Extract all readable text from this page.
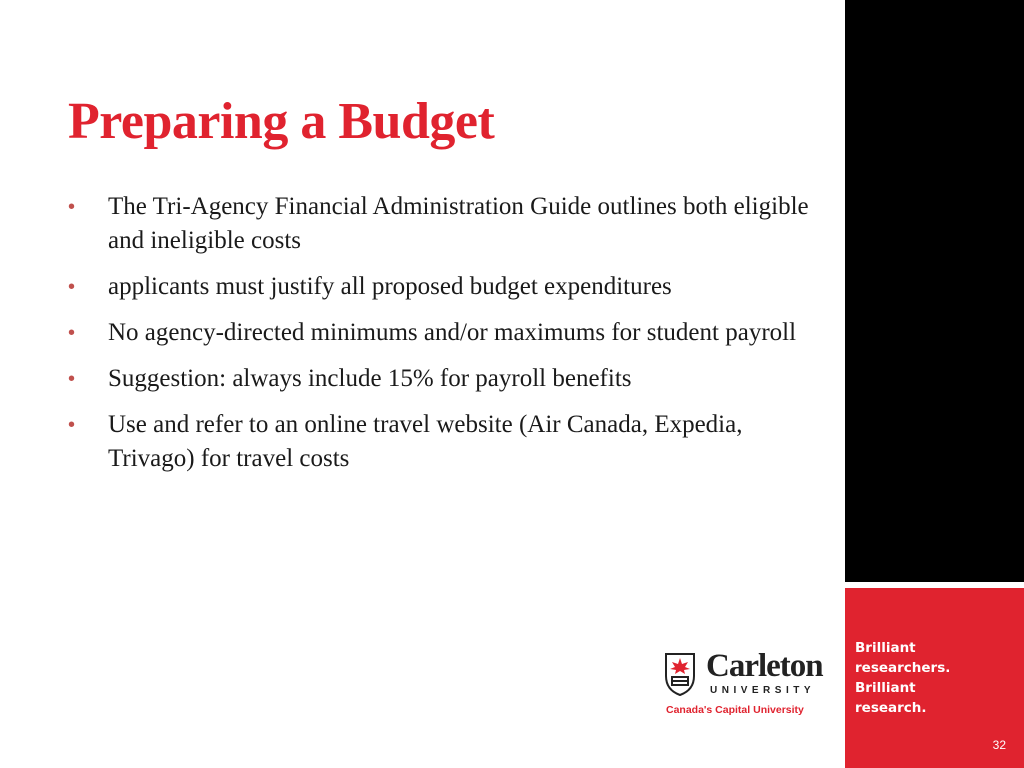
Preparing a Budget
• The Tri-Agency Financial Administration Guide outlines both eligible and ineligible costs
• applicants must justify all proposed budget expenditures
• No agency-directed minimums and/or maximums for student payroll
• Suggestion: always include 15% for payroll benefits
• Use and refer to an online travel website (Air Canada, Expedia, Trivago) for travel costs
Carleton
UNIVERSITY
Canada's Capital University
Brilliant
researchers.
Brilliant
research.
32
